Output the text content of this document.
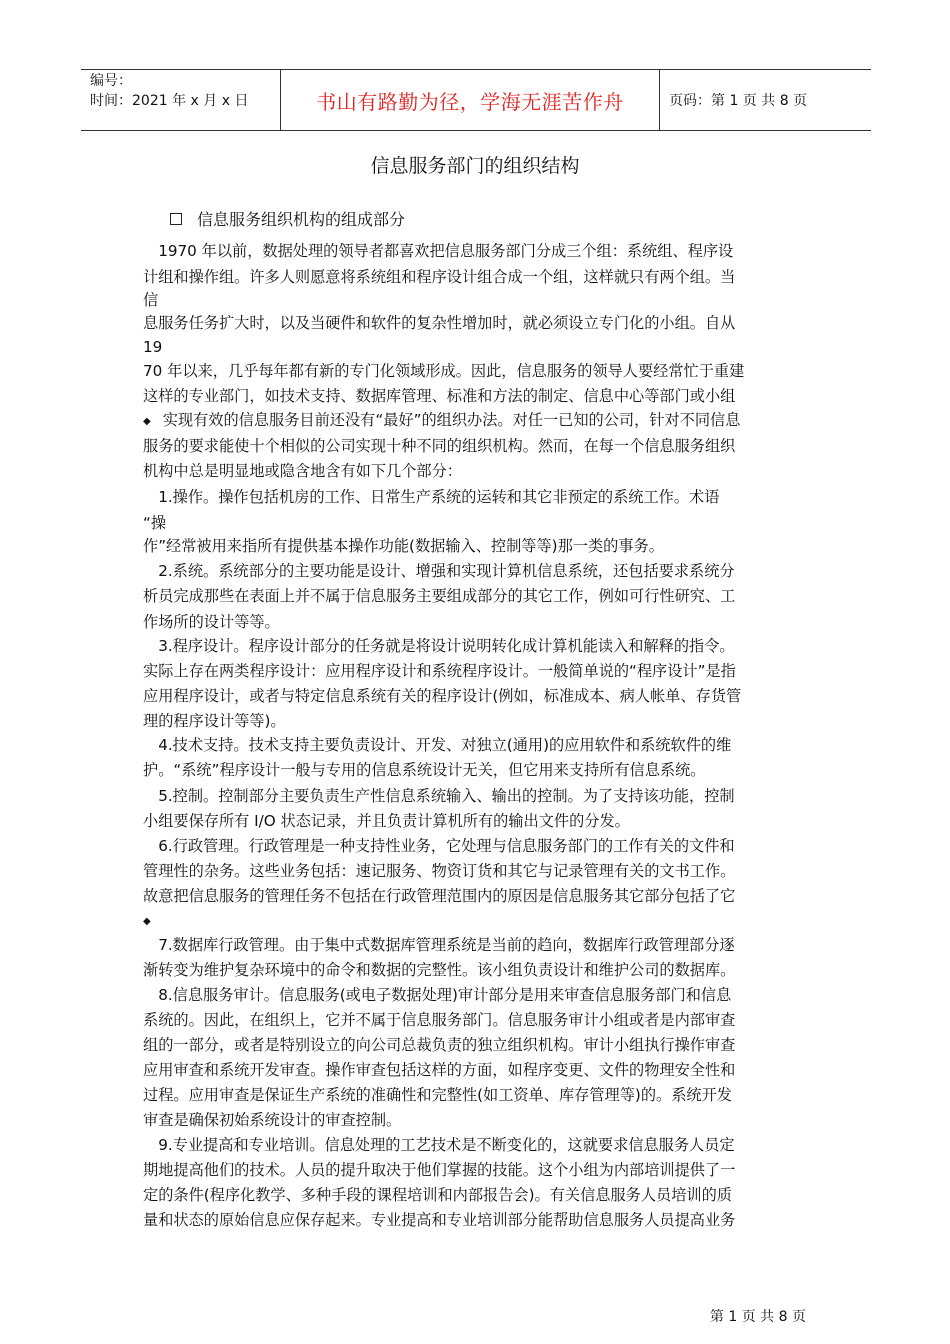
编号：
时间：2021 年 x 月 x 日	书山有路勤为径，学海无涯苦作舟	页码：第 1 页 共 8 页
信息服务部门的组织结构
信息服务组织机构的组成部分
　1970 年以前，数据处理的领导者都喜欢把信息服务部门分成三个组：系统组、程序设
计组和操作组。许多人则愿意将系统组和程序设计组合成一个组，这样就只有两个组。当
信
息服务任务扩大时，以及当硬件和软件的复杂性增加时，就必须设立专门化的小组。自从
19
70 年以来，几乎每年都有新的专门化领域形成。因此，信息服务的领导人要经常忙于重建
这样的专业部门，如技术支持、数据库管理、标准和方法的制定、信息中心等部门或小组
◆ 实现有效的信息服务目前还没有“最好”的组织办法。对任一已知的公司，针对不同信息
服务的要求能使十个相似的公司实现十种不同的组织机构。然而，在每一个信息服务组织
机构中总是明显地或隐含地含有如下几个部分：
　1.操作。操作包括机房的工作、日常生产系统的运转和其它非预定的系统工作。术语
“操
作”经常被用来指所有提供基本操作功能(数据输入、控制等等)那一类的事务。
　2.系统。系统部分的主要功能是设计、增强和实现计算机信息系统，还包括要求系统分
析员完成那些在表面上并不属于信息服务主要组成部分的其它工作，例如可行性研究、工
作场所的设计等等。
　3.程序设计。程序设计部分的任务就是将设计说明转化成计算机能读入和解释的指令。
实际上存在两类程序设计：应用程序设计和系统程序设计。一般简单说的“程序设计”是指
应用程序设计，或者与特定信息系统有关的程序设计(例如，标准成本、病人帐单、存货管
理的程序设计等等)。
　4.技术支持。技术支持主要负责设计、开发、对独立(通用)的应用软件和系统软件的维
护。“系统”程序设计一般与专用的信息系统设计无关，但它用来支持所有信息系统。
　5.控制。控制部分主要负责生产性信息系统输入、输出的控制。为了支持该功能，控制
小组要保存所有 I/O 状态记录，并且负责计算机所有的输出文件的分发。
　6.行政管理。行政管理是一种支持性业务，它处理与信息服务部门的工作有关的文件和
管理性的杂务。这些业务包括：速记服务、物资订货和其它与记录管理有关的文书工作。
故意把信息服务的管理任务不包括在行政管理范围内的原因是信息服务其它部分包括了它
◆
　7.数据库行政管理。由于集中式数据库管理系统是当前的趋向，数据库行政管理部分逐
渐转变为维护复杂环境中的命令和数据的完整性。该小组负责设计和维护公司的数据库。
　8.信息服务审计。信息服务(或电子数据处理)审计部分是用来审查信息服务部门和信息
系统的。因此，在组织上，它并不属于信息服务部门。信息服务审计小组或者是内部审查
组的一部分，或者是特别设立的向公司总裁负责的独立组织机构。审计小组执行操作审查
应用审查和系统开发审查。操作审查包括这样的方面，如程序变更、文件的物理安全性和
过程。应用审查是保证生产系统的准确性和完整性(如工资单、库存管理等)的。系统开发
审查是确保初始系统设计的审查控制。
　9.专业提高和专业培训。信息处理的工艺技术是不断变化的，这就要求信息服务人员定
期地提高他们的技术。人员的提升取决于他们掌握的技能。这个小组为内部培训提供了一
定的条件(程序化教学、多种手段的课程培训和内部报告会)。有关信息服务人员培训的质
量和状态的原始信息应保存起来。专业提高和专业培训部分能帮助信息服务人员提高业务
第 1 页 共 8 页
